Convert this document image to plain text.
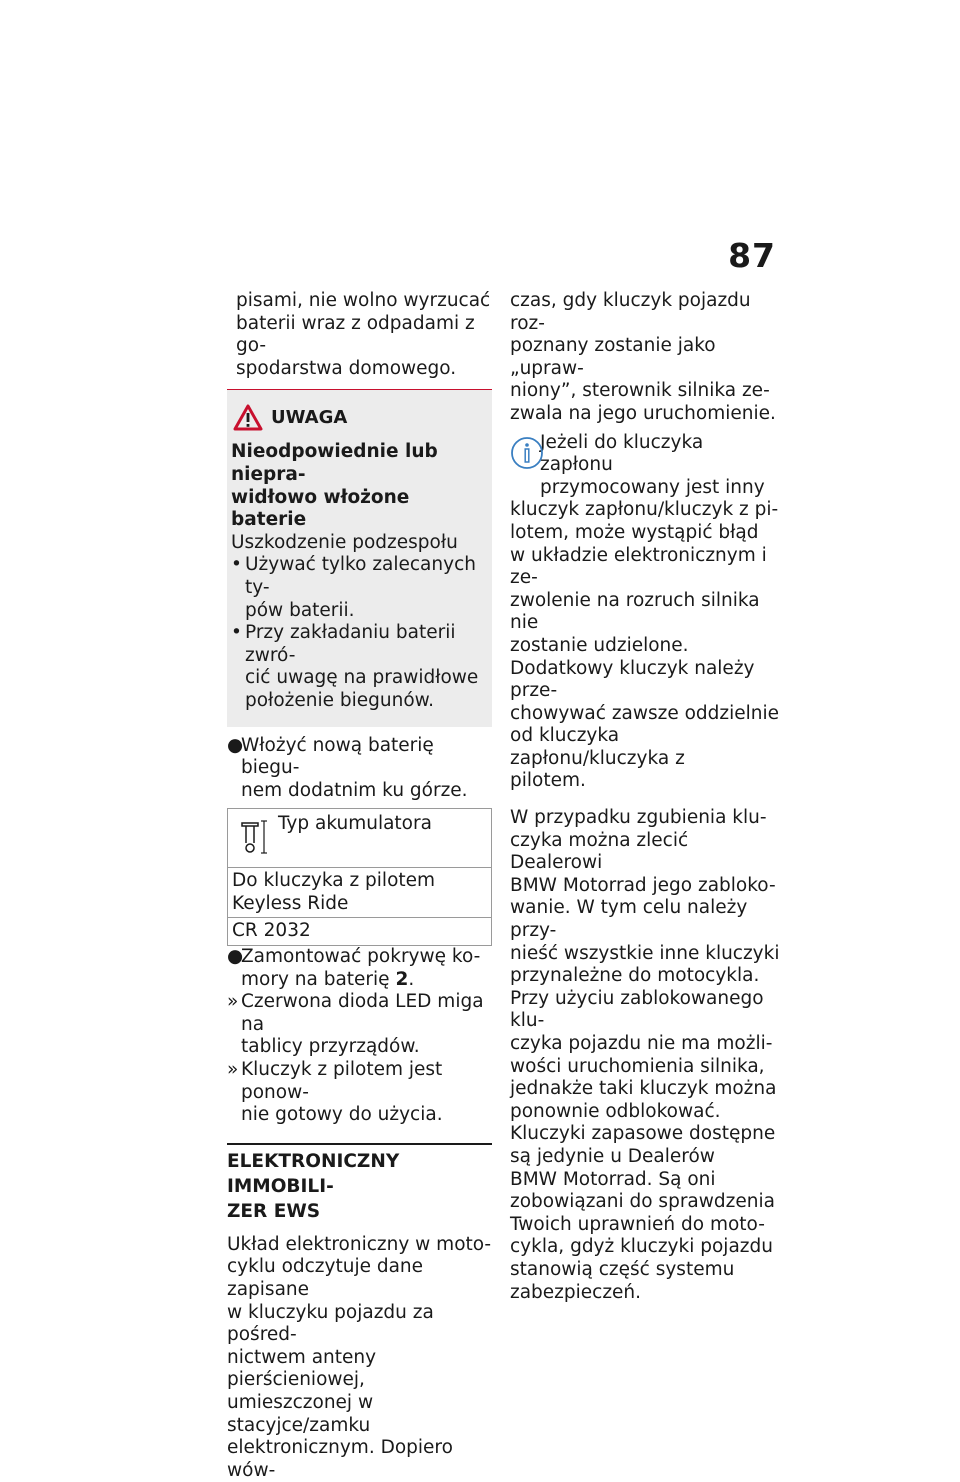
87
pisami, nie wolno wyrzucać
baterii wraz z odpadami z go-
spodarstwa domowego.
UWAGA
Nieodpowiednie lub niepra-
widłowo włożone baterie
Uszkodzenie podzespołu
• Używać tylko zalecanych ty-
pów baterii.
• Przy zakładaniu baterii zwró-
cić uwagę na prawidłowe
położenie biegunów.
●
Włożyć nową baterię biegu-
nem dodatnim ku górze.
Typ akumulatora
Do kluczyka z pilotem Keyless Ride
CR 2032
●
Zamontować pokrywę ko-
mory na baterię 2.
» Czerwona dioda LED miga na
tablicy przyrządów.
» Kluczyk z pilotem jest ponow-
nie gotowy do użycia.
ELEKTRONICZNY IMMOBILI-
ZER EWS
Układ elektroniczny w moto-
cyklu odczytuje dane zapisane
w kluczyku pojazdu za pośred-
nictwem anteny pierścieniowej,
umieszczonej w stacyjce/zamku
elektronicznym. Dopiero wów-
czas, gdy kluczyk pojazdu roz-
poznany zostanie jako „upraw-
niony”, sterownik silnika ze-
zwala na jego uruchomienie.
Jeżeli do kluczyka zapłonu
przymocowany jest inny
kluczyk zapłonu/kluczyk z pi-
lotem, może wystąpić błąd
w układzie elektronicznym i ze-
zwolenie na rozruch silnika nie
zostanie udzielone.
Dodatkowy kluczyk należy prze-
chowywać zawsze oddzielnie
od kluczyka zapłonu/kluczyka z
pilotem.
W przypadku zgubienia klu-
czyka można zlecić Dealerowi
BMW Motorrad jego zabloko-
wanie. W tym celu należy przy-
nieść wszystkie inne kluczyki
przynależne do motocykla.
Przy użyciu zablokowanego klu-
czyka pojazdu nie ma możli-
wości uruchomienia silnika,
jednakże taki kluczyk można
ponownie odblokować.
Kluczyki zapasowe dostępne
są jedynie u Dealerów
BMW Motorrad. Są oni
zobowiązani do sprawdzenia
Twoich uprawnień do moto-
cykla, gdyż kluczyki pojazdu
stanowią część systemu
zabezpieczeń.
